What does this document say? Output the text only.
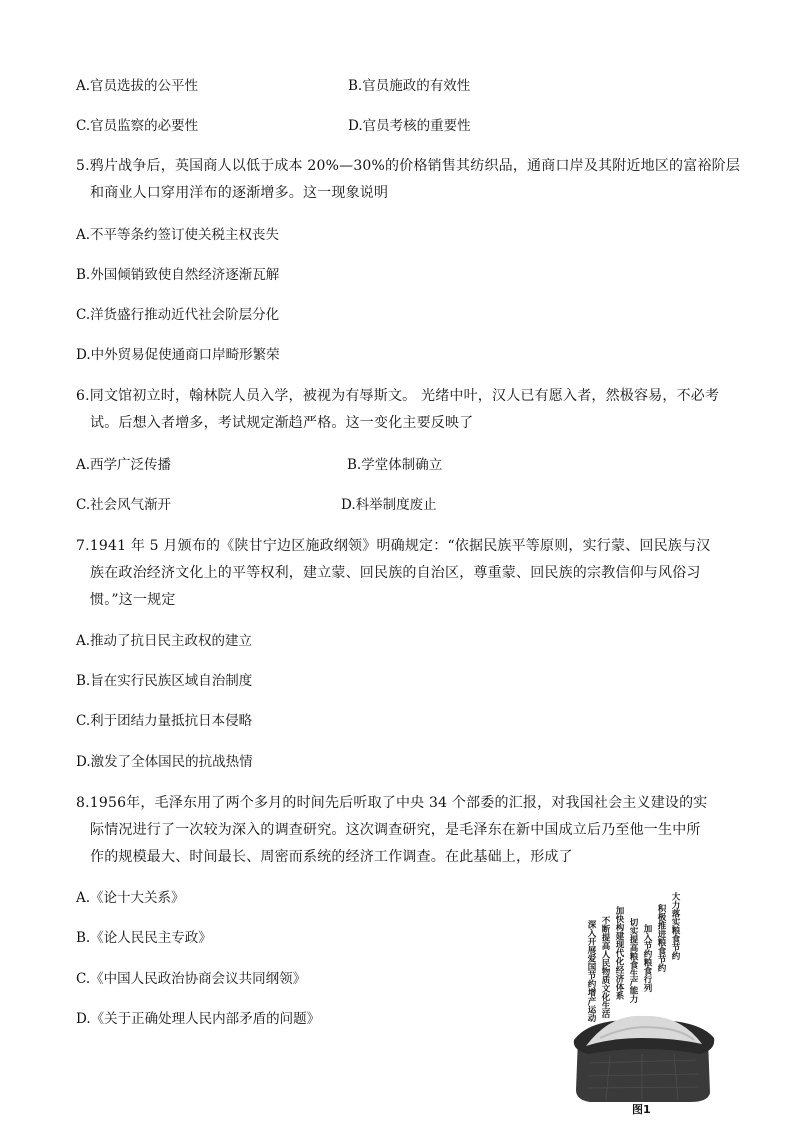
A.官员选拔的公平性	B.官员施政的有效性
C.官员监察的必要性	D.官员考核的重要性
5.鸦片战争后，英国商人以低于成本 20%—30%的价格销售其纺织品，通商口岸及其附近地区的富裕阶层
和商业人口穿用洋布的逐渐增多。这一现象说明
A.不平等条约签订使关税主权丧失
B.外国倾销致使自然经济逐渐瓦解
C.洋货盛行推动近代社会阶层分化
D.中外贸易促使通商口岸畸形繁荣
6.同文馆初立时，翰林院人员入学，被视为有辱斯文。 光绪中叶，汉人已有愿入者，然极容易，不必考
试。后想入者增多，考试规定渐趋严格。这一变化主要反映了
A.西学广泛传播	B.学堂体制确立
C.社会风气渐开	D.科举制度废止
7.1941 年 5 月颁布的《陕甘宁边区施政纲领》明确规定：“依据民族平等原则，实行蒙、回民族与汉
族在政治经济文化上的平等权利，建立蒙、回民族的自治区，尊重蒙、回民族的宗教信仰与风俗习
惯。”这一规定
A.推动了抗日民主政权的建立
B.旨在实行民族区域自治制度
C.利于团结力量抵抗日本侵略
D.激发了全体国民的抗战热情
8.1956年，毛泽东用了两个多月的时间先后听取了中央 34 个部委的汇报，对我国社会主义建设的实
际情况进行了一次较为深入的调查研究。这次调查研究，是毛泽东在新中国成立后乃至他一生中所
作的规模最大、时间最长、周密而系统的经济工作调查。在此基础上，形成了
A.《论十大关系》
B.《论人民民主专政》
C.《中国人民政治协商会议共同纲领》
D.《关于正确处理人民内部矛盾的问题》	深入开展爱国节约增产运动 不断提高人民物质文化生活 加快构建现代化经济体系 切实提高粮食生产能力 加入节约粮食行列 积极推进粮食节约 大力落实粮食节约
图1
